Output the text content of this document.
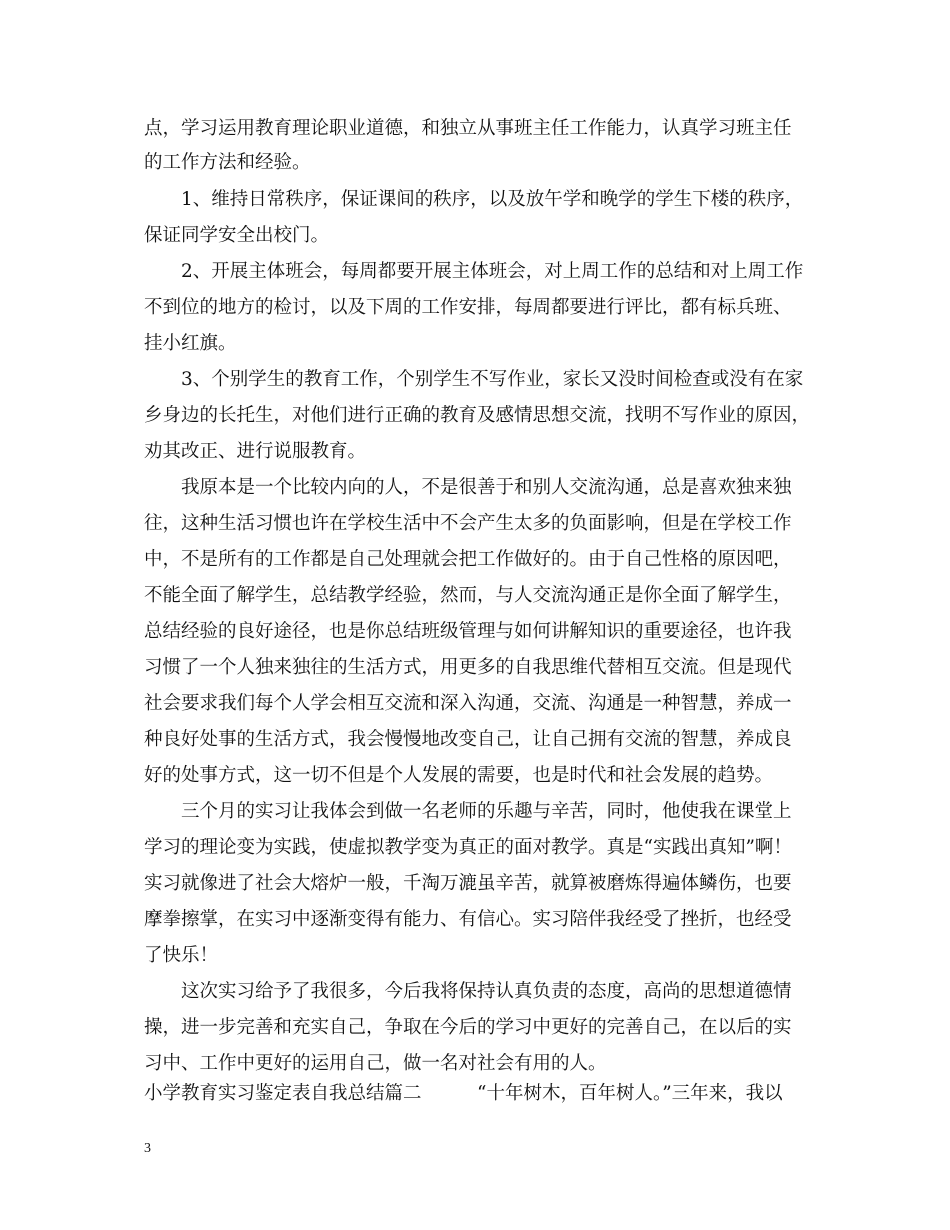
点，学习运用教育理论职业道德，和独立从事班主任工作能力，认真学习班主任
的工作方法和经验。
　　1、维持日常秩序，保证课间的秩序，以及放午学和晚学的学生下楼的秩序，
保证同学安全出校门。
　　2、开展主体班会，每周都要开展主体班会，对上周工作的总结和对上周工作
不到位的地方的检讨，以及下周的工作安排，每周都要进行评比，都有标兵班、
挂小红旗。
　　3、个别学生的教育工作，个别学生不写作业，家长又没时间检查或没有在家
乡身边的长托生，对他们进行正确的教育及感情思想交流，找明不写作业的原因，
劝其改正、进行说服教育。
　　我原本是一个比较内向的人，不是很善于和别人交流沟通，总是喜欢独来独
往，这种生活习惯也许在学校生活中不会产生太多的负面影响，但是在学校工作
中，不是所有的工作都是自己处理就会把工作做好的。由于自己性格的原因吧，
不能全面了解学生，总结教学经验，然而，与人交流沟通正是你全面了解学生，
总结经验的良好途径，也是你总结班级管理与如何讲解知识的重要途径，也许我
习惯了一个人独来独往的生活方式，用更多的自我思维代替相互交流。但是现代
社会要求我们每个人学会相互交流和深入沟通，交流、沟通是一种智慧，养成一
种良好处事的生活方式，我会慢慢地改变自己，让自己拥有交流的智慧，养成良
好的处事方式，这一切不但是个人发展的需要，也是时代和社会发展的趋势。
　　三个月的实习让我体会到做一名老师的乐趣与辛苦，同时，他使我在课堂上
学习的理论变为实践，使虚拟教学变为真正的面对教学。真是“实践出真知”啊！
实习就像进了社会大熔炉一般，千淘万漉虽辛苦，就算被磨炼得遍体鳞伤，也要
摩拳擦掌，在实习中逐渐变得有能力、有信心。实习陪伴我经受了挫折，也经受
了快乐！
　　这次实习给予了我很多，今后我将保持认真负责的态度，高尚的思想道德情
操，进一步完善和充实自己，争取在今后的学习中更好的完善自己，在以后的实
习中、工作中更好的运用自己，做一名对社会有用的人。
小学教育实习鉴定表自我总结篇二　　　“十年树木，百年树人。”三年来，我以
3
